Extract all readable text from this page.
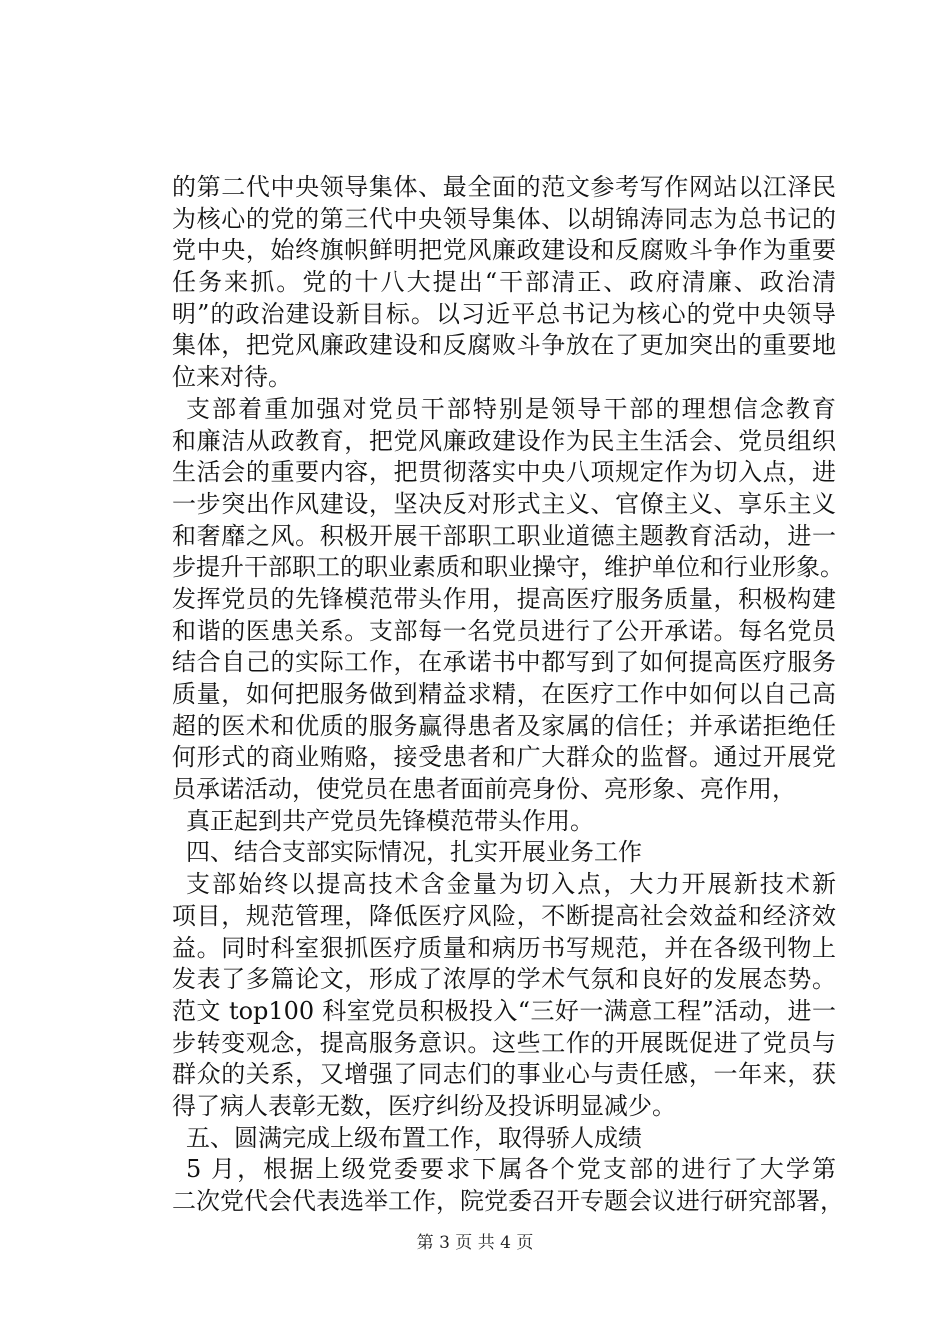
的第二代中央领导集体、最全面的范文参考写作网站以江泽民
为核心的党的第三代中央领导集体、以胡锦涛同志为总书记的
党中央，始终旗帜鲜明把党风廉政建设和反腐败斗争作为重要
任务来抓。党的十八大提出“干部清正、政府清廉、政治清
明”的政治建设新目标。以习近平总书记为核心的党中央领导
集体，把党风廉政建设和反腐败斗争放在了更加突出的重要地
位来对待。
支部着重加强对党员干部特别是领导干部的理想信念教育
和廉洁从政教育，把党风廉政建设作为民主生活会、党员组织
生活会的重要内容，把贯彻落实中央八项规定作为切入点，进
一步突出作风建设，坚决反对形式主义、官僚主义、享乐主义
和奢靡之风。积极开展干部职工职业道德主题教育活动，进一
步提升干部职工的职业素质和职业操守，维护单位和行业形象。
发挥党员的先锋模范带头作用，提高医疗服务质量，积极构建
和谐的医患关系。支部每一名党员进行了公开承诺。每名党员
结合自己的实际工作，在承诺书中都写到了如何提高医疗服务
质量，如何把服务做到精益求精，在医疗工作中如何以自己高
超的医术和优质的服务赢得患者及家属的信任；并承诺拒绝任
何形式的商业贿赂，接受患者和广大群众的监督。通过开展党
员承诺活动，使党员在患者面前亮身份、亮形象、亮作用，
真正起到共产党员先锋模范带头作用。
四、结合支部实际情况，扎实开展业务工作
支部始终以提高技术含金量为切入点，大力开展新技术新
项目，规范管理，降低医疗风险，不断提高社会效益和经济效
益。同时科室狠抓医疗质量和病历书写规范，并在各级刊物上
发表了多篇论文，形成了浓厚的学术气氛和良好的发展态势。
范文 top100 科室党员积极投入“三好一满意工程”活动，进一
步转变观念，提高服务意识。这些工作的开展既促进了党员与
群众的关系，又增强了同志们的事业心与责任感，一年来，获
得了病人表彰无数，医疗纠纷及投诉明显减少。
五、圆满完成上级布置工作，取得骄人成绩
5 月，根据上级党委要求下属各个党支部的进行了大学第
二次党代会代表选举工作，院党委召开专题会议进行研究部署，
第 3 页 共 4 页
